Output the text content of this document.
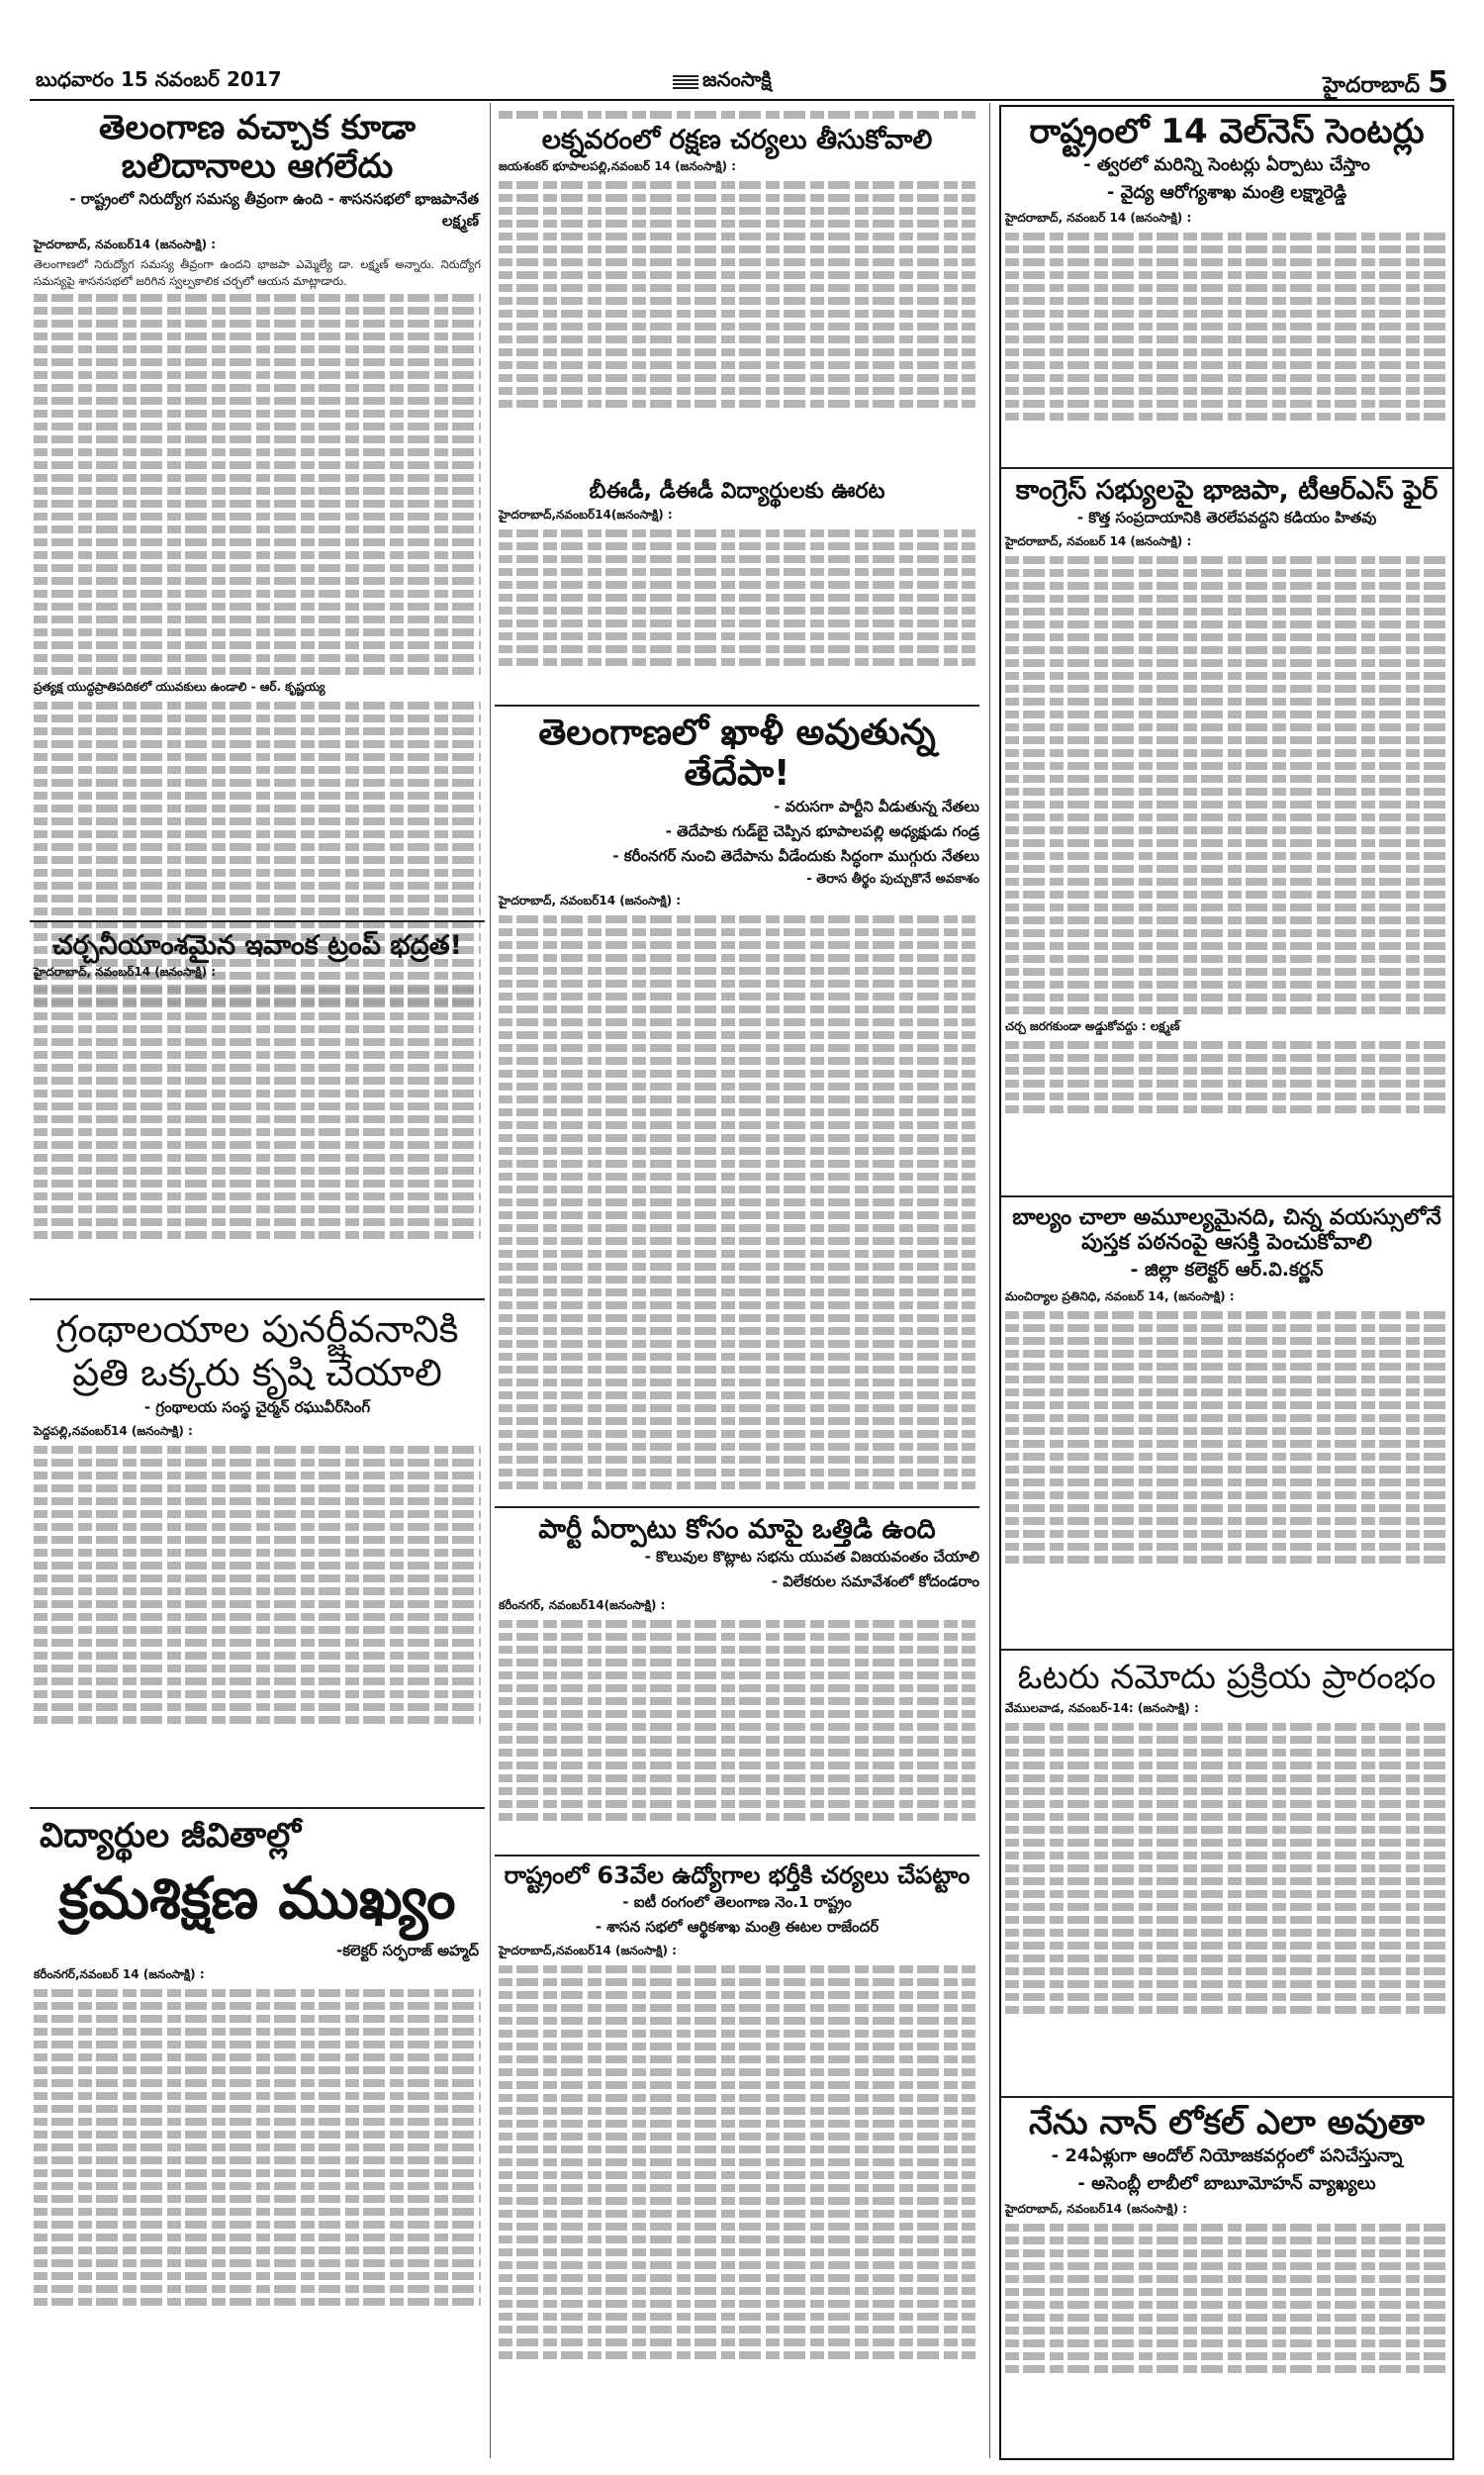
బుధవారం 15 నవంబర్ 2017	జనంసాక్షి	హైదరాబాద్ 5
తెలంగాణ వచ్చాక కూడా బలిదానాలు ఆగలేదు
- రాష్ట్రంలో నిరుద్యోగ సమస్య తీవ్రంగా ఉంది - శాసనసభలో భాజపానేత లక్ష్మణ్
హైదరాబాద్, నవంబర్14 (జనంసాక్షి) :

తెలంగాణలో నిరుద్యోగ సమస్య తీవ్రంగా ఉందని భాజపా ఎమ్మెల్యే డా. లక్ష్మణ్ అన్నారు. నిరుద్యోగ సమస్యపై శాసనసభలో జరిగిన స్వల్పకాలిక చర్చలో ఆయన మాట్లాడారు.

ప్రత్యక్ష యుద్ధప్రాతిపదికలో యువకులు ఉండాలి - ఆర్. కృష్ణయ్య
చర్చనీయాంశమైన ఇవాంక ట్రంప్ భద్రత!
హైదరాబాద్, నవంబర్14 (జనంసాక్షి) :
గ్రంథాలయాల పునర్జీవనానికి ప్రతి ఒక్కరు కృషి చేయాలి
- గ్రంథాలయ సంస్థ చైర్మన్ రఘువీర్‌సింగ్
పెద్దపల్లి,నవంబర్14 (జనంసాక్షి) :
విద్యార్థుల జీవితాల్లో
క్రమశిక్షణ ముఖ్యం
-కలెక్టర్ సర్ఫరాజ్ అహ్మద్
కరీంనగర్,నవంబర్ 14 (జనంసాక్షి) :
లక్నవరంలో రక్షణ చర్యలు తీసుకోవాలి
జయశంకర్ భూపాలపల్లి,నవంబర్ 14 (జనంసాక్షి) :
బీఈడీ, డీఈడీ విద్యార్థులకు ఊరట
హైదరాబాద్,నవంబర్14(జనంసాక్షి) :
తెలంగాణలో ఖాళీ అవుతున్న తేదేపా!
- వరుసగా పార్టీని వీడుతున్న నేతలు
- తెదేపాకు గుడ్‌బై చెప్పిన భూపాలపల్లి అధ్యక్షుడు గండ్ర
- కరీంనగర్ నుంచి తెదేపాను వీడేందుకు సిద్ధంగా ముగ్గురు నేతలు
- తెరాస తీర్థం పుచ్చుకొనే అవకాశం
హైదరాబాద్, నవంబర్14 (జనంసాక్షి) :
పార్టీ ఏర్పాటు కోసం మాపై ఒత్తిడి ఉంది
- కొలువుల కొట్లాట సభను యువత విజయవంతం చేయాలి
- విలేకరుల సమావేశంలో కోదండరాం
కరీంనగర్, నవంబర్14(జనంసాక్షి) :
రాష్ట్రంలో 63వేల ఉద్యోగాల భర్తీకి చర్యలు చేపట్టాం
- ఐటీ రంగంలో తెలంగాణ నెం.1 రాష్ట్రం
- శాసన సభలో ఆర్థికశాఖ మంత్రి ఈటల రాజేందర్
హైదరాబాద్,నవంబర్14 (జనంసాక్షి) :
రాష్ట్రంలో 14 వెల్‌నెస్ సెంటర్లు
- త్వరలో మరిన్ని సెంటర్లు ఏర్పాటు చేస్తాం
- వైద్య ఆరోగ్యశాఖ మంత్రి లక్ష్మారెడ్డి
హైదరాబాద్, నవంబర్ 14 (జనంసాక్షి) :
కాంగ్రెస్ సభ్యులపై భాజపా, టీఆర్ఎస్ ఫైర్
- కొత్త సంప్రదాయానికి తెరలేపవద్దని కడియం హితవు
హైదరాబాద్, నవంబర్ 14 (జనంసాక్షి) :
చర్చ జరగకుండా అడ్డుకోవద్దు : లక్ష్మణ్
బాల్యం చాలా అమూల్యమైనది, చిన్న వయస్సులోనే పుస్తక పఠనంపై ఆసక్తి పెంచుకోవాలి
- జిల్లా కలెక్టర్ ఆర్.వి.కర్ణన్
మంచిర్యాల ప్రతినిధి, నవంబర్ 14, (జనంసాక్షి) :
ఓటరు నమోదు ప్రక్రియ ప్రారంభం
వేములవాడ, నవంబర్-14: (జనంసాక్షి) :
నేను నాన్ లోకల్ ఎలా అవుతా
- 24ఏళ్లుగా ఆందోల్ నియోజకవర్గంలో పనిచేస్తున్నా
- అసెంబ్లీ లాబీలో బాబూమోహన్ వ్యాఖ్యలు
హైదరాబాద్, నవంబర్14 (జనంసాక్షి) :
